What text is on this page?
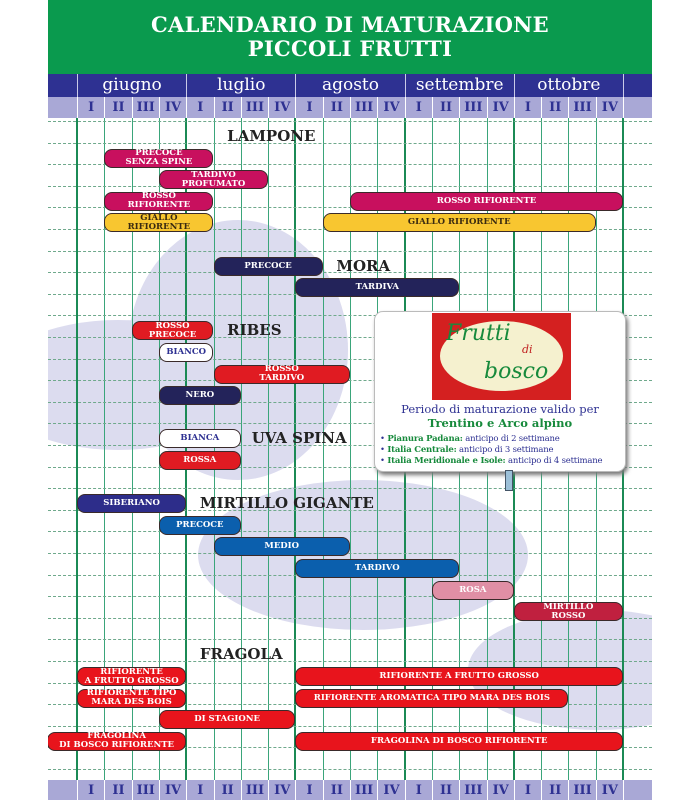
CALENDARIO DI MATURAZIONE
PICCOLI FRUTTI
giugno	luglio	agosto	settembre	ottobre
I	II III IV	I	II III IV	I	II III IV	I	II III IV	I	II III IV
I	II III IV	I	II III IV	I	II III IV	I	II III IV	I	II III IV
LAMPONE
PRECOCE
SENZA SPINE
TARDIVO
PROFUMATO
ROSSO
RIFIORENTE	ROSSO RIFIORENTE
GIALLO
RIFIORENTE	GIALLO RIFIORENTE
MORA
PRECOCE
TARDIVA
RIBES
ROSSO
PRECOCE
BIANCO
ROSSO
TARDIVO
NERO
UVA SPINA
BIANCA
ROSSA
MIRTILLO GIGANTE
SIBERIANO
PRECOCE
MEDIO
TARDIVO
ROSA
MIRTILLO
ROSSO
FRAGOLA
RIFIORENTE
A FRUTTO GROSSO	RIFIORENTE A FRUTTO GROSSO
RIFIORENTE TIPO
MARA DES BOIS	RIFIORENTE AROMATICA TIPO MARA DES BOIS
DI STAGIONE
FRAGOLINA
DI BOSCO RIFIORENTE	FRAGOLINA DI BOSCO RIFIORENTE
Frutti
di
bosco
Periodo di maturazione valido per
Trentino e Arco alpino
• Pianura Padana: anticipo di 2 settimane
• Italia Centrale: anticipo di 3 settimane
• Italia Meridionale e Isole: anticipo di 4 settimane
